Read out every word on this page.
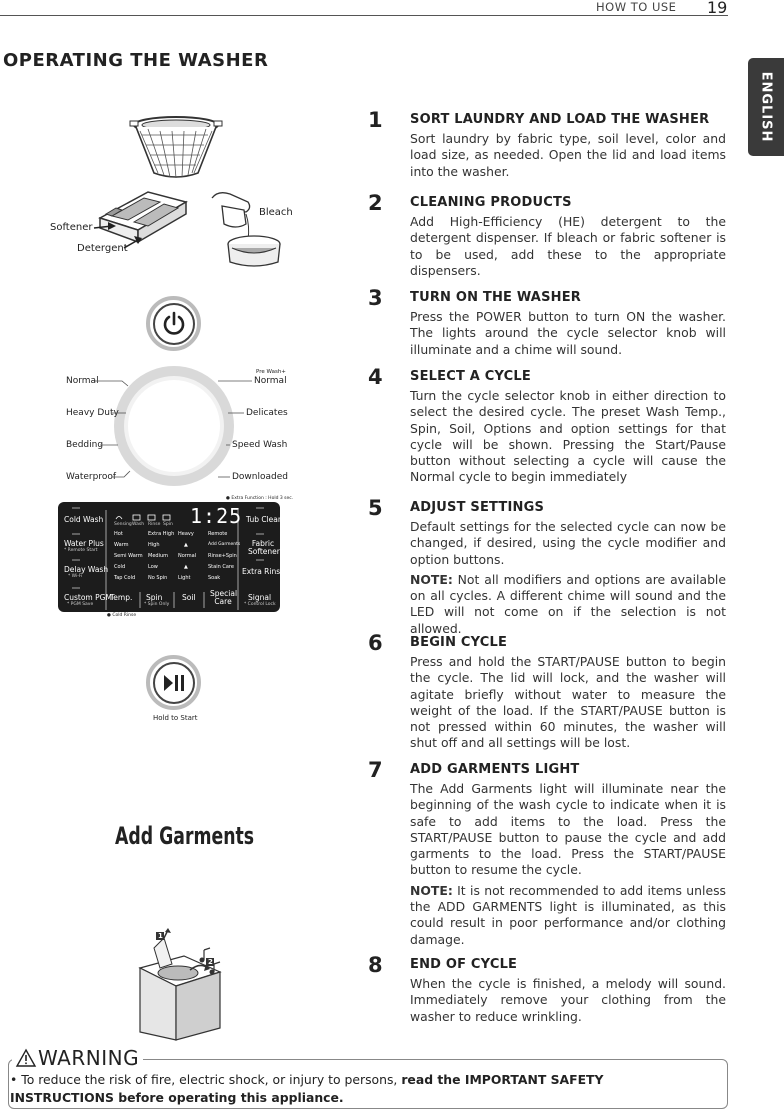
HOW TO USE 19
ENGLISH
OPERATING THE WASHER
1 SORT LAUNDRY AND LOAD THE WASHER
Sort laundry by fabric type, soil level, color and load size, as needed. Open the lid and load items into the washer.
2 CLEANING PRODUCTS
Add High-Efficiency (HE) detergent to the detergent dispenser. If bleach or fabric softener is to be used, add these to the appropriate dispensers.
3 TURN ON THE WASHER
Press the POWER button to turn ON the washer. The lights around the cycle selector knob will illuminate and a chime will sound.
4 SELECT A CYCLE
Turn the cycle selector knob in either direction to select the desired cycle. The preset Wash Temp., Spin, Soil, Options and option settings for that cycle will be shown. Pressing the Start/Pause button without selecting a cycle will cause the Normal cycle to begin immediately
5 ADJUST SETTINGS
Default settings for the selected cycle can now be changed, if desired, using the cycle modifier and option buttons.
NOTE: Not all modifiers and options are available on all cycles. A different chime will sound and the LED will not come on if the selection is not allowed.
6 BEGIN CYCLE
Press and hold the START/PAUSE button to begin the cycle. The lid will lock, and the washer will agitate briefly without water to measure the weight of the load. If the START/PAUSE button is not pressed within 60 minutes, the washer will shut off and all settings will be lost.
7 ADD GARMENTS LIGHT
The Add Garments light will illuminate near the beginning of the wash cycle to indicate when it is safe to add items to the load. Press the START/PAUSE button to pause the cycle and add garments to the load. Press the START/PAUSE button to resume the cycle.
NOTE: It is not recommended to add items unless the ADD GARMENTS light is illuminated, as this could result in poor performance and/or clothing damage.
8 END OF CYCLE
When the cycle is finished, a melody will sound. Immediately remove your clothing from the washer to reduce wrinkling.
Softener
Detergent
Bleach
Normal
Heavy Duty
Bedding
Waterproof
Pre Wash+
Normal
Delicates
Speed Wash
Downloaded
● Extra Function : Hold 3 sec.
Cold Wash
Water Plus
* Remote Start
Delay Wash
* Wi-Fi
Custom PGM
* PGM Save
Sensing Wash Rinse Spin 1:25
Hot
Warm
Semi Warm
Cold
Tap Cold
Extra High
High
Medium
Low
No Spin
Heavy
▲
Normal
▲
Light
Remote
Add Garments
Rinse+Spin
Stain Care
Soak
Tub Clean
Fabric Softener
Extra Rinse
Temp. Spin
* Spin Only
Soil Special Care	Signal
* Control Lock
● Cold Rinse
Hold to Start
Add Garments
1
2
WARNING
• To reduce the risk of fire, electric shock, or injury to persons, read the IMPORTANT SAFETY INSTRUCTIONS before operating this appliance.
